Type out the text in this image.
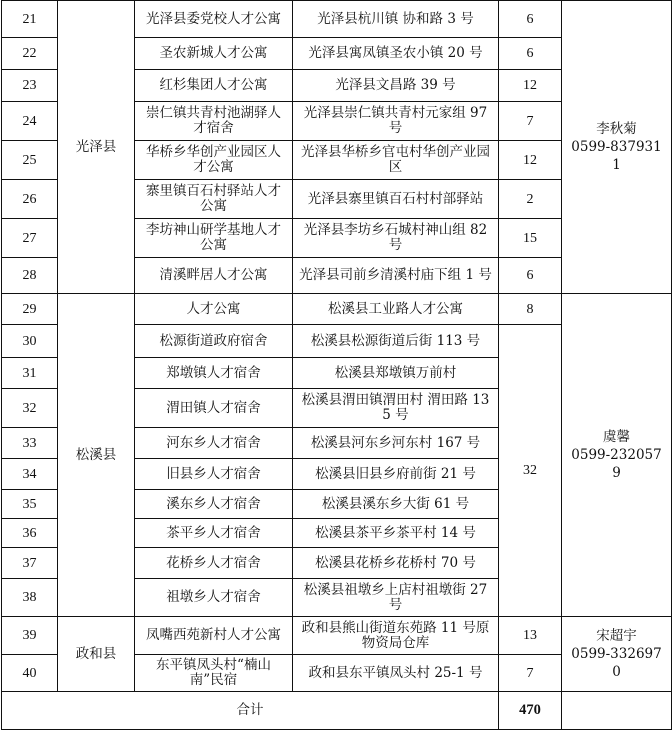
21	光泽县	光泽县委党校人才公寓	光泽县杭川镇 协和路 3 号	6	李秋菊
0599-8379311
22		圣农新城人才公寓	光泽县寓凤镇圣农小镇 20 号	6	
23		红杉集团人才公寓	光泽县文昌路 39 号	12	
24		崇仁镇共青村池湖驿人才宿舍	光泽县崇仁镇共青村元家组 97 号	7	
25		华桥乡华创产业园区人才公寓	光泽县华桥乡官屯村华创产业园区	12	
26		寨里镇百石村驿站人才公寓	光泽县寨里镇百石村村部驿站	2	
27		李坊神山研学基地人才公寓	光泽县李坊乡石城村神山组 82 号	15	
28		清溪畔居人才公寓	光泽县司前乡清溪村庙下组 1 号	6	
29	松溪县	人才公寓	松溪县工业路人才公寓	8	虞馨
0599-2320579
30		松源街道政府宿舍	松溪县松源街道后街 113 号	32	
31		郑墩镇人才宿舍	松溪县郑墩镇万前村		
32		渭田镇人才宿舍	松溪县渭田镇渭田村 渭田路 135 号		
33		河东乡人才宿舍	松溪县河东乡河东村 167 号		
34		旧县乡人才宿舍	松溪县旧县乡府前街 21 号		
35		溪东乡人才宿舍	松溪县溪东乡大街 61 号		
36		茶平乡人才宿舍	松溪县茶平乡茶平村 14 号		
37		花桥乡人才宿舍	松溪县花桥乡花桥村 70 号		
38		祖墩乡人才宿舍	松溪县祖墩乡上店村祖墩街 27 号		
39	政和县	凤嘴西苑新村人才公寓	政和县熊山街道东苑路 11 号原物资局仓库	13	宋超宇
0599-3326970
40		东平镇凤头村“楠山南”民宿	政和县东平镇凤头村 25-1 号	7	
合计				470	
